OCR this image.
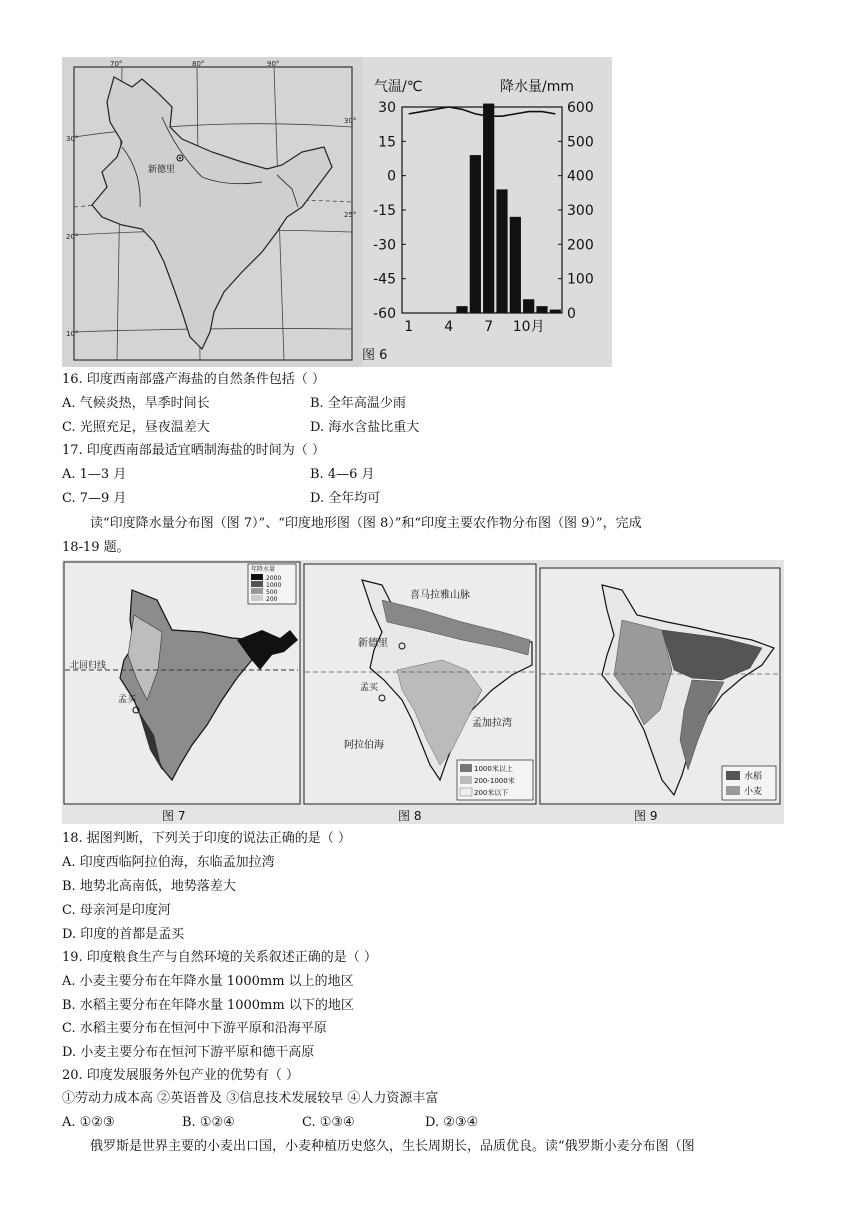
新德里
70°	80°	90°
30°
20°
10°
30°
25°
气温/℃	降水量/mm
30
15
0
-15
-30
-45
-60
600
500
400
300
200
100
0
1 4 7 10月
图 6
16. 印度西南部盛产海盐的自然条件包括（ ）
A. 气候炎热，旱季时间长	B. 全年高温少雨
C. 光照充足，昼夜温差大	D. 海水含盐比重大
17. 印度西南部最适宜晒制海盐的时间为（ ）
A. 1—3 月	B. 4—6 月
C. 7—9 月	D. 全年均可
读“印度降水量分布图（图 7）”、“印度地形图（图 8）”和“印度主要农作物分布图（图 9）”，完成
18-19 题。
北回归线
孟买
年降水量
2000
1000
500
200
图 7
喜马拉雅山脉
新德里
孟买
阿拉伯海
孟加拉湾
1000米以上
200-1000米
200米以下
图 8
水稻
小麦
图 9
18. 据图判断，下列关于印度的说法正确的是（ ）
A. 印度西临阿拉伯海，东临孟加拉湾
B. 地势北高南低，地势落差大
C. 母亲河是印度河
D. 印度的首都是孟买
19. 印度粮食生产与自然环境的关系叙述正确的是（ ）
A. 小麦主要分布在年降水量 1000mm 以上的地区
B. 水稻主要分布在年降水量 1000mm 以下的地区
C. 水稻主要分布在恒河中下游平原和沿海平原
D. 小麦主要分布在恒河下游平原和德干高原
20. 印度发展服务外包产业的优势有（ ）
①劳动力成本高 ②英语普及 ③信息技术发展较早 ④人力资源丰富
A. ①②③	B. ①②④	C. ①③④	D. ②③④
俄罗斯是世界主要的小麦出口国，小麦种植历史悠久，生长周期长，品质优良。读“俄罗斯小麦分布图（图
